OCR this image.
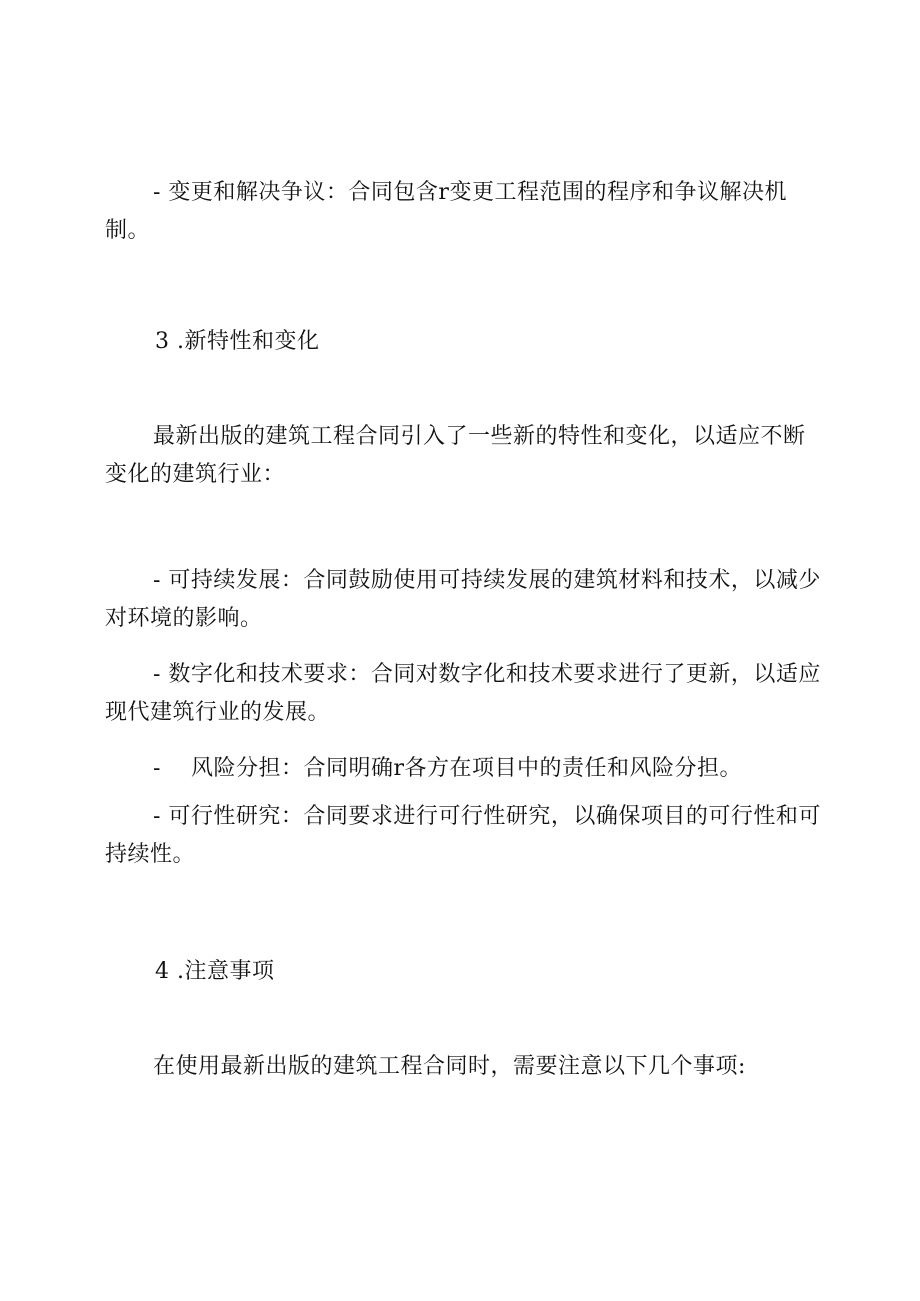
- 变更和解决争议：合同包含r变更工程范围的程序和争议解决机制。

3 .新特性和变化

最新出版的建筑工程合同引入了一些新的特性和变化，以适应不断变化的建筑行业：

- 可持续发展：合同鼓励使用可持续发展的建筑材料和技术，以减少对环境的影响。

- 数字化和技术要求：合同对数字化和技术要求进行了更新，以适应现代建筑行业的发展。

- 风险分担：合同明确r各方在项目中的责任和风险分担。

- 可行性研究：合同要求进行可行性研究，以确保项目的可行性和可持续性。

4 .注意事项

在使用最新出版的建筑工程合同时，需要注意以下几个事项:
